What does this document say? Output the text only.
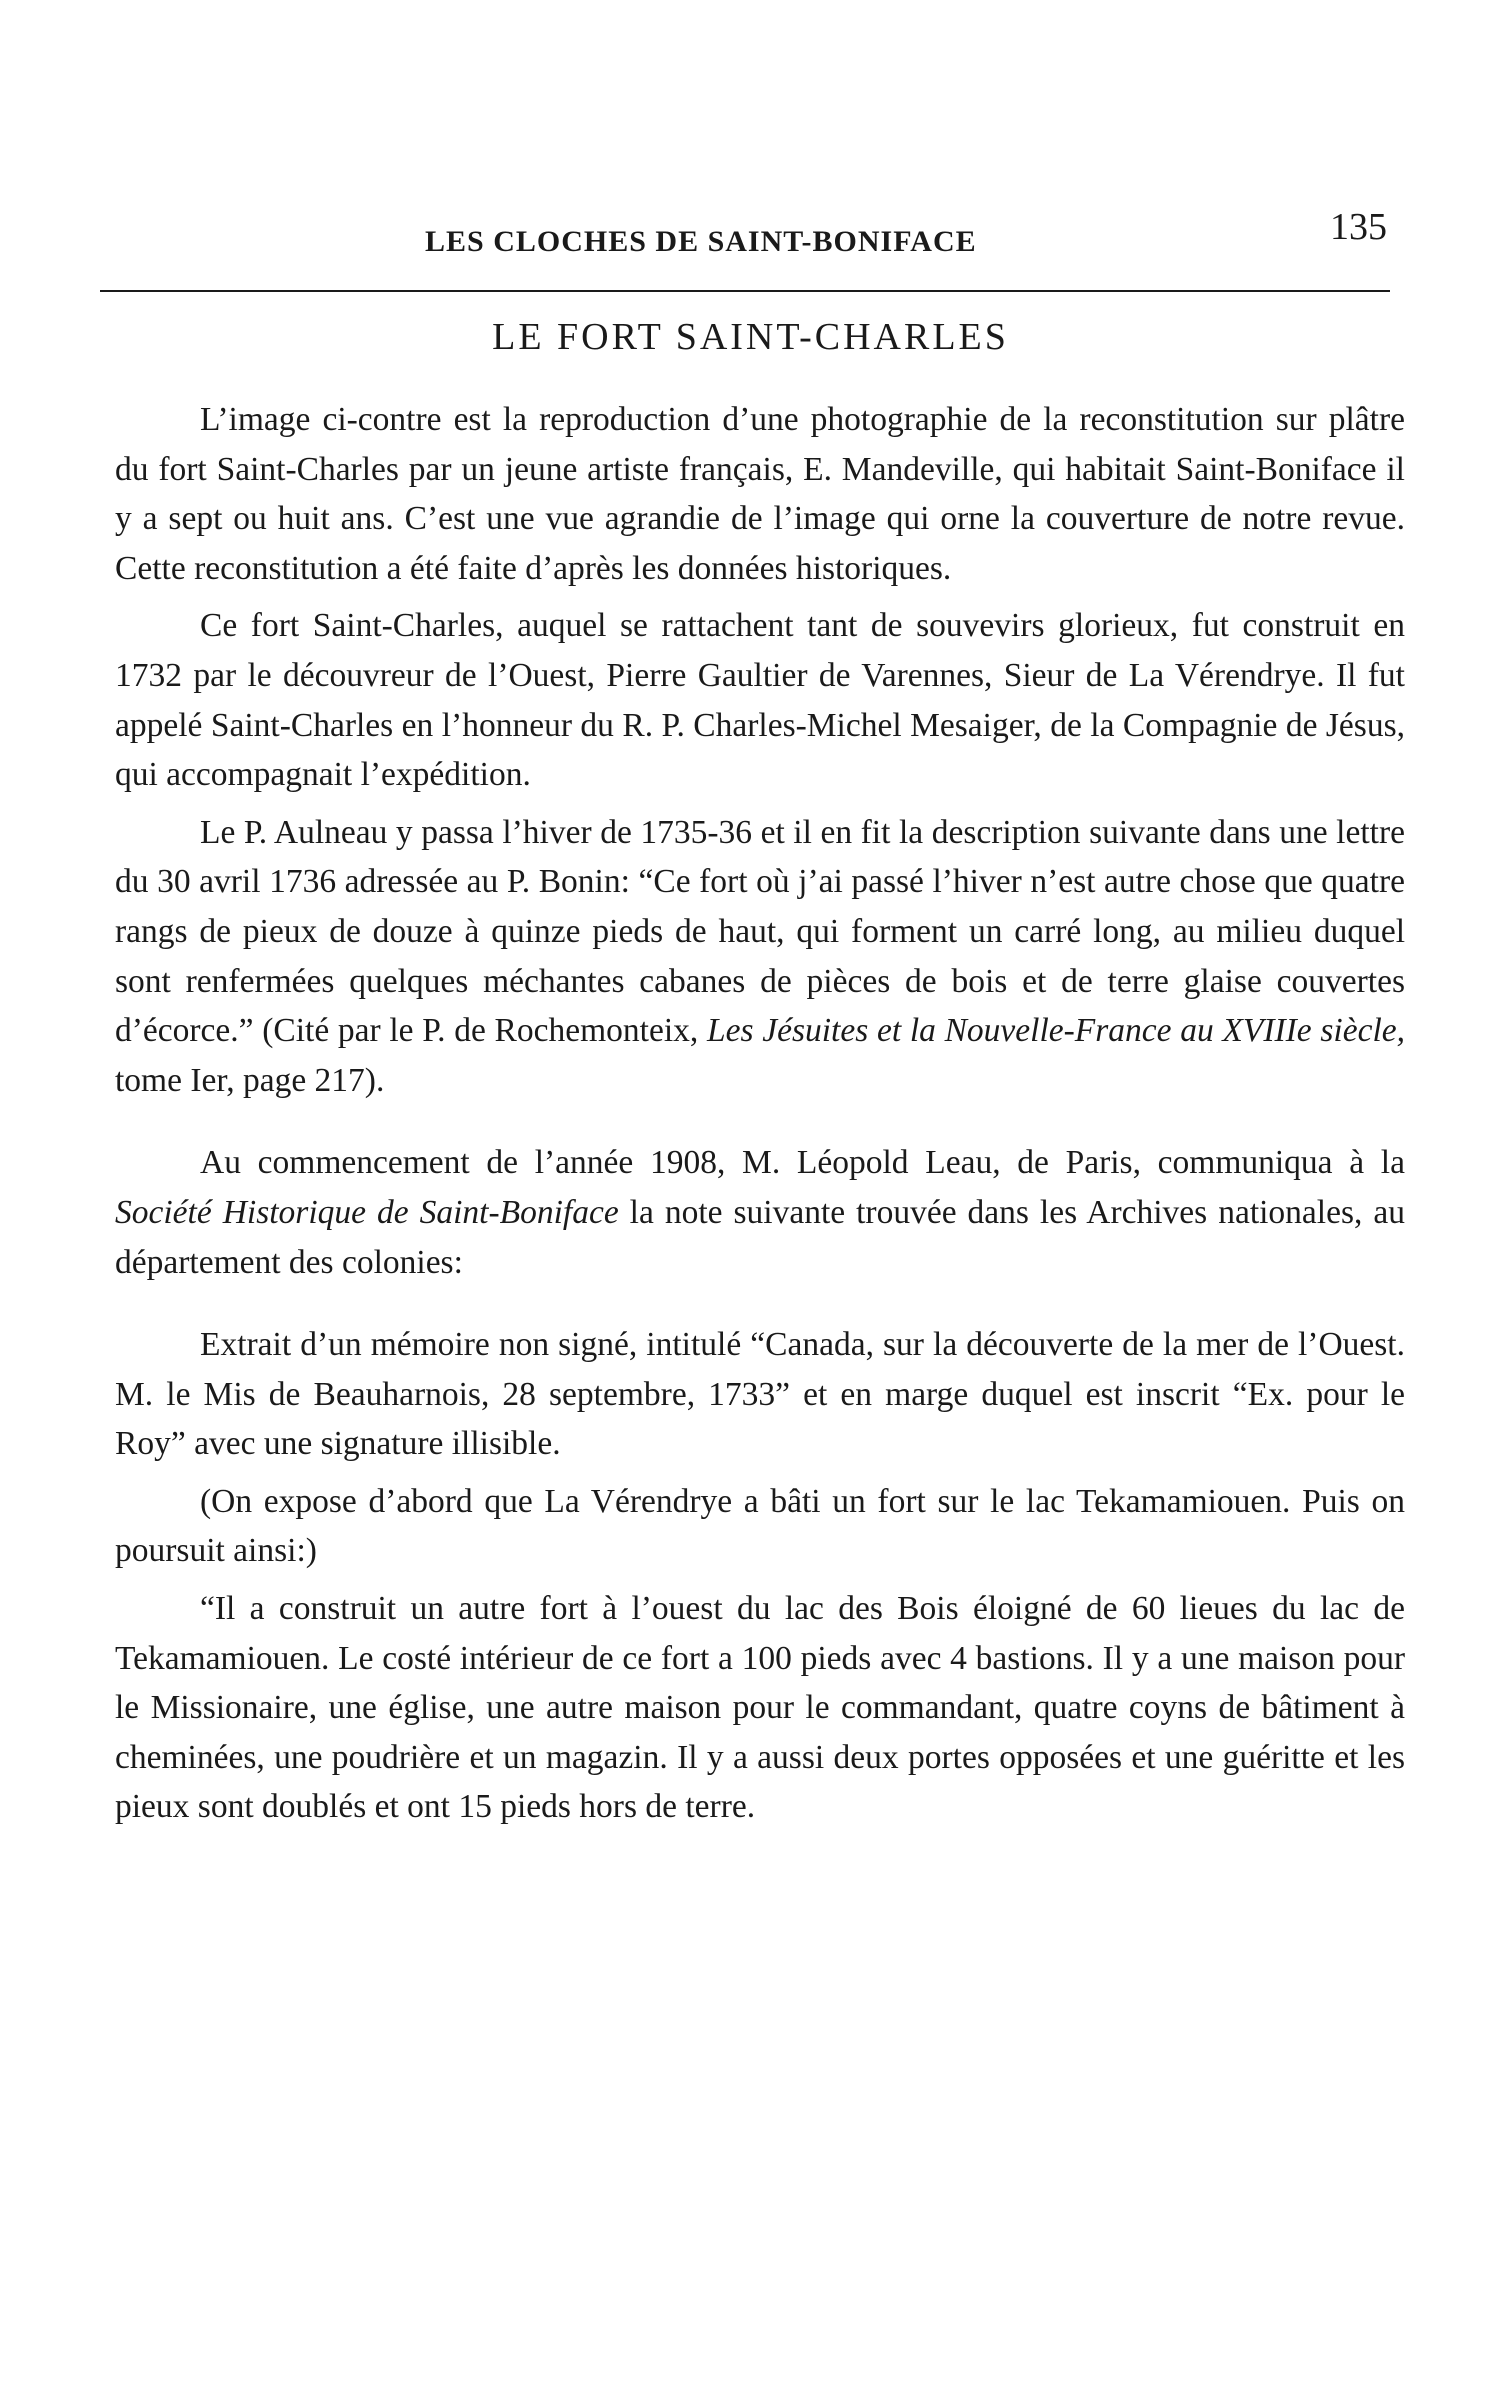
LES CLOCHES DE SAINT-BONIFACE	135
LE FORT SAINT-CHARLES

L’image ci-contre est la reproduction d’une photographie de la reconstitution sur plâtre du fort Saint-Charles par un jeune artiste français, E. Mandeville, qui habitait Saint-Boniface il y a sept ou huit ans. C’est une vue agrandie de l’image qui orne la couverture de notre revue. Cette reconstitution a été faite d’après les données historiques.

Ce fort Saint-Charles, auquel se rattachent tant de souvevirs glorieux, fut construit en 1732 par le découvreur de l’Ouest, Pierre Gaultier de Varennes, Sieur de La Vérendrye. Il fut appelé Saint-Charles en l’honneur du R. P. Charles-Michel Mesaiger, de la Compagnie de Jésus, qui accompagnait l’expédition.

Le P. Aulneau y passa l’hiver de 1735-36 et il en fit la description suivante dans une lettre du 30 avril 1736 adressée au P. Bonin: “Ce fort où j’ai passé l’hiver n’est autre chose que quatre rangs de pieux de douze à quinze pieds de haut, qui forment un carré long, au milieu duquel sont renfermées quelques méchantes cabanes de pièces de bois et de terre glaise couvertes d’écorce.” (Cité par le P. de Rochemonteix, Les Jésuites et la Nouvelle-France au XVIIIe siècle, tome Ier, page 217).

Au commencement de l’année 1908, M. Léopold Leau, de Paris, communiqua à la Société Historique de Saint-Boniface la note suivante trouvée dans les Archives nationales, au département des colonies:

Extrait d’un mémoire non signé, intitulé “Canada, sur la découverte de la mer de l’Ouest. M. le Mis de Beauharnois, 28 septembre, 1733” et en marge duquel est inscrit “Ex. pour le Roy” avec une signature illisible.

(On expose d’abord que La Vérendrye a bâti un fort sur le lac Tekamamiouen. Puis on poursuit ainsi:)

“Il a construit un autre fort à l’ouest du lac des Bois éloigné de 60 lieues du lac de Tekamamiouen. Le costé intérieur de ce fort a 100 pieds avec 4 bastions. Il y a une maison pour le Missionaire, une église, une autre maison pour le commandant, quatre coyns de bâtiment à cheminées, une poudrière et un magazin. Il y a aussi deux portes opposées et une guéritte et les pieux sont doublés et ont 15 pieds hors de terre.
